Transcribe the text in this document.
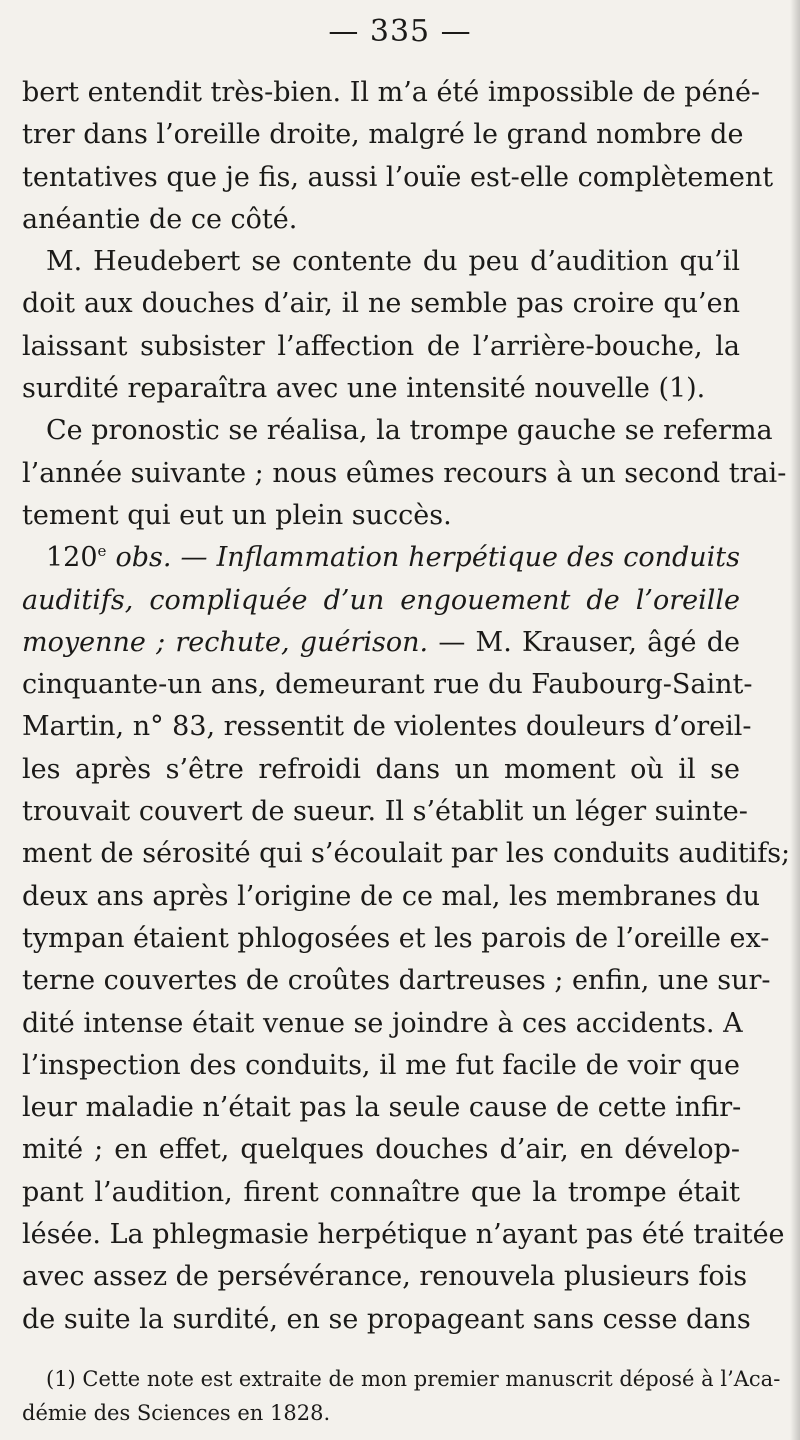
— 335 —
bert entendit très-bien. Il m’a été impossible de péné-
trer dans l’oreille droite, malgré le grand nombre de
tentatives que je fis, aussi l’ouïe est-elle complètement
anéantie de ce côté.
M. Heudebert se contente du peu d’audition qu’il
doit aux douches d’air, il ne semble pas croire qu’en
laissant subsister l’affection de l’arrière-bouche, la
surdité reparaîtra avec une intensité nouvelle (1).
Ce pronostic se réalisa, la trompe gauche se referma
l’année suivante ; nous eûmes recours à un second trai-
tement qui eut un plein succès.
120e obs. — Inflammation herpétique des conduits
auditifs, compliquée d’un engouement de l’oreille
moyenne ; rechute, guérison. — M. Krauser, âgé de
cinquante-un ans, demeurant rue du Faubourg-Saint-
Martin, n° 83, ressentit de violentes douleurs d’oreil-
les après s’être refroidi dans un moment où il se
trouvait couvert de sueur. Il s’établit un léger suinte-
ment de sérosité qui s’écoulait par les conduits auditifs;
deux ans après l’origine de ce mal, les membranes du
tympan étaient phlogosées et les parois de l’oreille ex-
terne couvertes de croûtes dartreuses ; enfin, une sur-
dité intense était venue se joindre à ces accidents. A
l’inspection des conduits, il me fut facile de voir que
leur maladie n’était pas la seule cause de cette infir-
mité ; en effet, quelques douches d’air, en dévelop-
pant l’audition, firent connaître que la trompe était
lésée. La phlegmasie herpétique n’ayant pas été traitée
avec assez de persévérance, renouvela plusieurs fois
de suite la surdité, en se propageant sans cesse dans
(1) Cette note est extraite de mon premier manuscrit déposé à l’Aca-
démie des Sciences en 1828.
